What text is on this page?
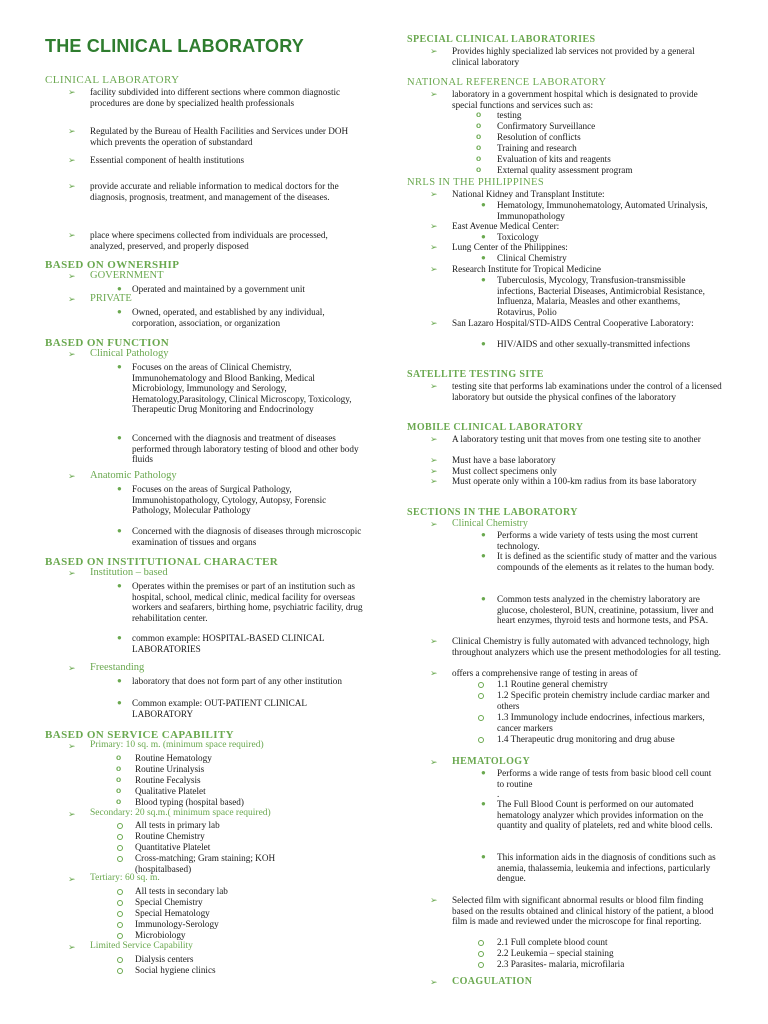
THE CLINICAL LABORATORY
CLINICAL LABORATORY
➢ facility subdivided into different sections where common diagnostic procedures are done by specialized health professionals
➢ Regulated by the Bureau of Health Facilities and Services under DOH which prevents the operation of substandard
➢ Essential component of health institutions
➢ provide accurate and reliable information to medical doctors for the diagnosis, prognosis, treatment, and management of the diseases.
➢ place where specimens collected from individuals are processed, analyzed, preserved, and properly disposed
BASED ON OWNERSHIP
➢ GOVERNMENT
● Operated and maintained by a government unit
➢ PRIVATE
● Owned, operated, and established by any individual, corporation, association, or organization
BASED ON FUNCTION
➢ Clinical Pathology
● Focuses on the areas of Clinical Chemistry, Immunohematology and Blood Banking, Medical Microbiology, Immunology and Serology, Hematology,Parasitology, Clinical Microscopy, Toxicology, Therapeutic Drug Monitoring and Endocrinology
● Concerned with the diagnosis and treatment of diseases performed through laboratory testing of blood and other body fluids
➢ Anatomic Pathology
● Focuses on the areas of Surgical Pathology, Immunohistopathology, Cytology, Autopsy, Forensic Pathology, Molecular Pathology
● Concerned with the diagnosis of diseases through microscopic examination of tissues and organs
BASED ON INSTITUTIONAL CHARACTER
➢ Institution – based
● Operates within the premises or part of an institution such as hospital, school, medical clinic, medical facility for overseas workers and seafarers, birthing home, psychiatric facility, drug rehabilitation center.
● common example: HOSPITAL-BASED CLINICAL LABORATORIES
➢ Freestanding
● laboratory that does not form part of any other institution
● Common example: OUT-PATIENT CLINICAL LABORATORY
BASED ON SERVICE CAPABILITY
➢ Primary: 10 sq. m. (minimum space required)
➢ Secondary: 20 sq.m.( minimum space required)
➢ Tertiary: 60 sq. m.
➢ Limited Service Capability
o Routine Hematology
o Routine Urinalysis
o Routine Fecalysis
o Qualitative Platelet
o Blood typing (hospital based)
All tests in primary lab
Routine Chemistry
Quantitative Platelet
Cross-matching; Gram staining; KOH
(hospitalbased)
All tests in secondary lab
Special Chemistry
Special Hematology
Immunology-Serology
Microbiology
Dialysis centers
Social hygiene clinics
SPECIAL CLINICAL LABORATORIES
➢ Provides highly specialized lab services not provided by a general clinical laboratory
NATIONAL REFERENCE LABORATORY
➢ laboratory in a government hospital which is designated to provide special functions and services such as:
o testing
o Confirmatory Surveillance
o Resolution of conflicts
o Training and research
o Evaluation of kits and reagents
o External quality assessment program
NRLS IN THE PHILIPPINES
➢ National Kidney and Transplant Institute:
● Hematology, Immunohematology, Automated Urinalysis, Immunopathology
➢ East Avenue Medical Center:
● Toxicology
➢ Lung Center of the Philippines:
● Clinical Chemistry
➢ Research Institute for Tropical Medicine
● Tuberculosis, Mycology, Transfusion-transmissible infections, Bacterial Diseases, Antimicrobial Resistance, Influenza, Malaria, Measles and other exanthems, Rotavirus, Polio
➢ San Lazaro Hospital/STD-AIDS Central Cooperative Laboratory:
● HIV/AIDS and other sexually-transmitted infections
SATELLITE TESTING SITE
➢ testing site that performs lab examinations under the control of a licensed laboratory but outside the physical confines of the laboratory
MOBILE CLINICAL LABORATORY
➢ A laboratory testing unit that moves from one testing site to another
➢ Must have a base laboratory
➢ Must collect specimens only
➢ Must operate only within a 100-km radius from its base laboratory
SECTIONS IN THE LABORATORY
➢ Clinical Chemistry
● Performs a wide variety of tests using the most current technology.
● It is defined as the scientific study of matter and the various compounds of the elements as it relates to the human body.
● Common tests analyzed in the chemistry laboratory are glucose, cholesterol, BUN, creatinine, potassium, liver and heart enzymes, thyroid tests and hormone tests, and PSA.
➢ Clinical Chemistry is fully automated with advanced technology, high throughout analyzers which use the present methodologies for all testing.
➢ offers a comprehensive range of testing in areas of
1.1 Routine general chemistry
1.2 Specific protein chemistry include cardiac marker and others
1.3 Immunology include endocrines, infectious markers, cancer markers
1.4 Therapeutic drug monitoring and drug abuse
➢ HEMATOLOGY
● Performs a wide range of tests from basic blood cell count to routine
.
● The Full Blood Count is performed on our automated hematology analyzer which provides information on the quantity and quality of platelets, red and white blood cells.
● This information aids in the diagnosis of conditions such as anemia, thalassemia, leukemia and infections, particularly dengue.
➢ Selected film with significant abnormal results or blood film finding based on the results obtained and clinical history of the patient, a blood film is made and reviewed under the microscope for final reporting.
2.1 Full complete blood count
2.2 Leukemia – special staining
2.3 Parasites- malaria, microfilaria
➢ COAGULATION
